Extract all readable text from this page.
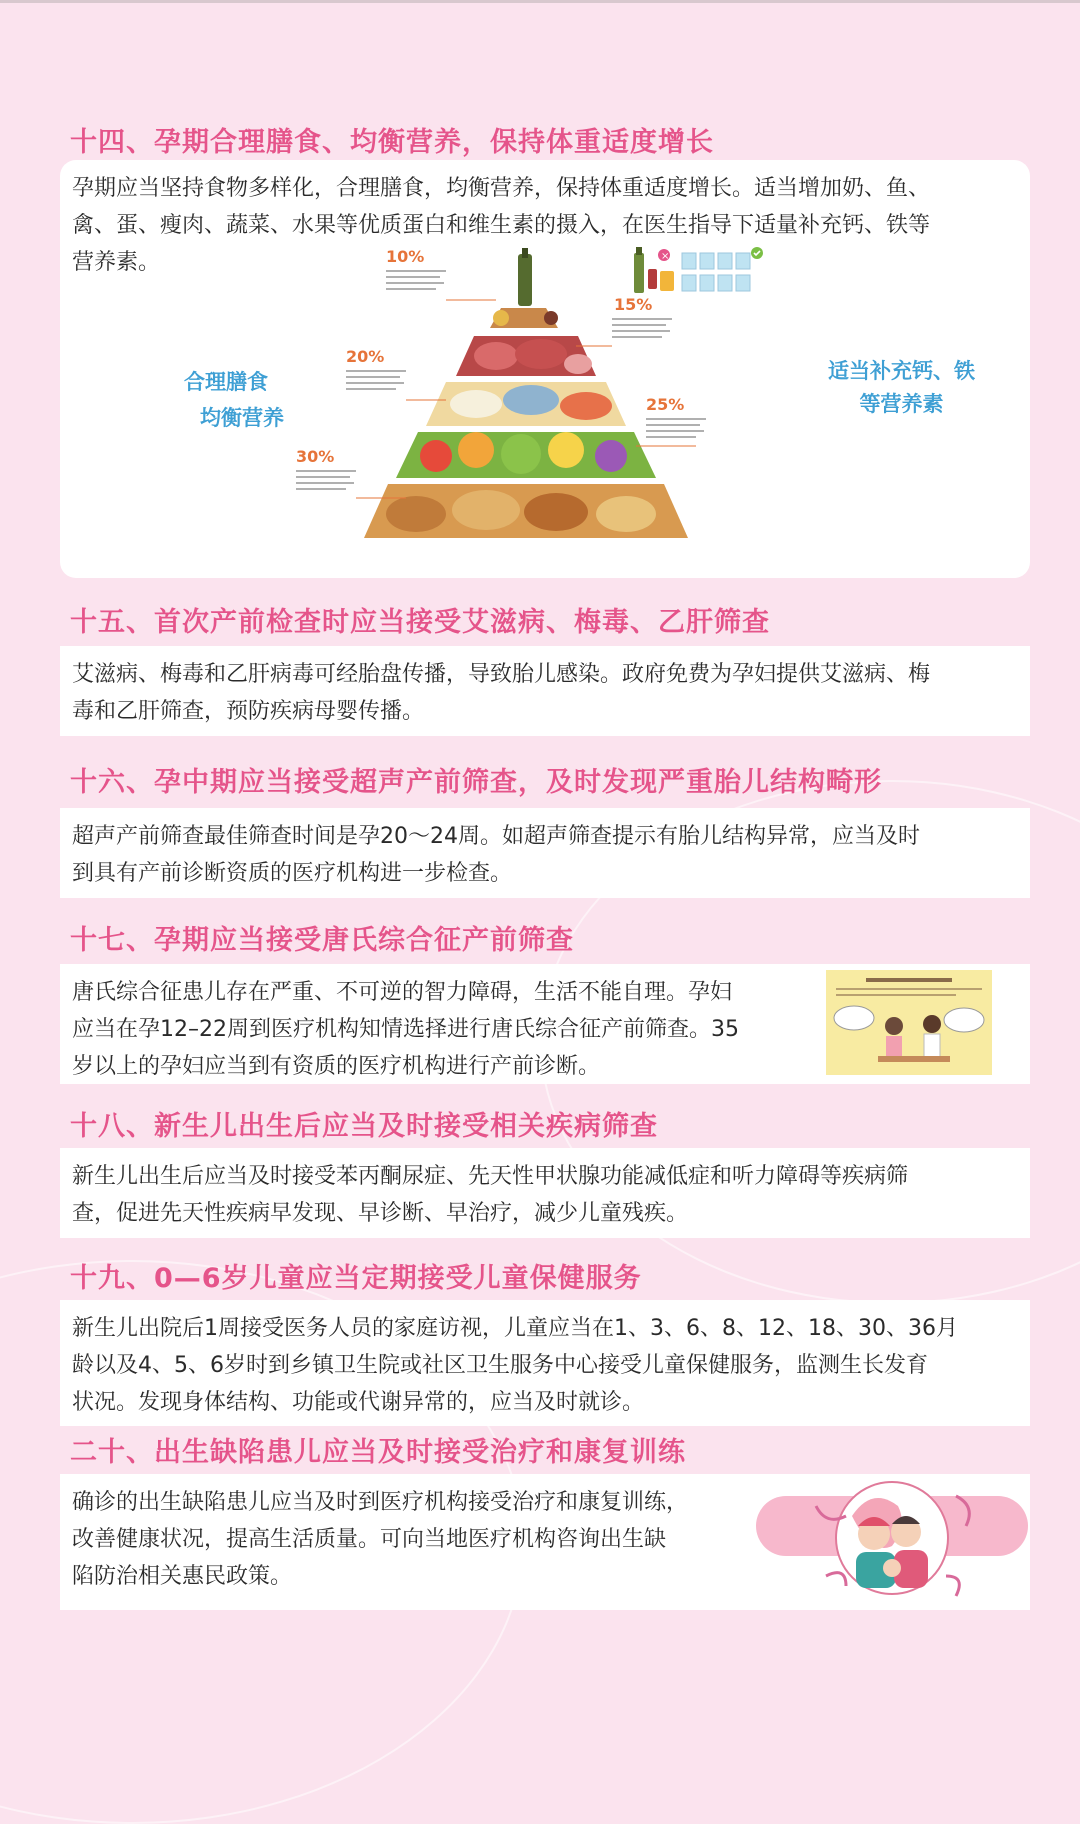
十四、孕期合理膳食、均衡营养，保持体重适度增长

孕期应当坚持食物多样化，合理膳食，均衡营养，保持体重适度增长。适当增加奶、鱼、

禽、蛋、瘦肉、蔬菜、水果等优质蛋白和维生素的摄入，在医生指导下适量补充钙、铁等

营养素。

合理膳食
均衡营养
适当补充钙、铁
等营养素
×
10%
15%
20%
25%
30%
十五、首次产前检查时应当接受艾滋病、梅毒、乙肝筛查

艾滋病、梅毒和乙肝病毒可经胎盘传播，导致胎儿感染。政府免费为孕妇提供艾滋病、梅

毒和乙肝筛查，预防疾病母婴传播。

十六、孕中期应当接受超声产前筛查，及时发现严重胎儿结构畸形

超声产前筛查最佳筛查时间是孕20～24周。如超声筛查提示有胎儿结构异常，应当及时

到具有产前诊断资质的医疗机构进一步检查。

十七、孕期应当接受唐氏综合征产前筛查

唐氏综合征患儿存在严重、不可逆的智力障碍，生活不能自理。孕妇

应当在孕12–22周到医疗机构知情选择进行唐氏综合征产前筛查。35

岁以上的孕妇应当到有资质的医疗机构进行产前诊断。

十八、新生儿出生后应当及时接受相关疾病筛查

新生儿出生后应当及时接受苯丙酮尿症、先天性甲状腺功能减低症和听力障碍等疾病筛

查，促进先天性疾病早发现、早诊断、早治疗，减少儿童残疾。

十九、0—6岁儿童应当定期接受儿童保健服务

新生儿出院后1周接受医务人员的家庭访视，儿童应当在1、3、6、8、12、18、30、36月

龄以及4、5、6岁时到乡镇卫生院或社区卫生服务中心接受儿童保健服务，监测生长发育

状况。发现身体结构、功能或代谢异常的，应当及时就诊。

二十、出生缺陷患儿应当及时接受治疗和康复训练

确诊的出生缺陷患儿应当及时到医疗机构接受治疗和康复训练，

改善健康状况，提高生活质量。可向当地医疗机构咨询出生缺

陷防治相关惠民政策。
